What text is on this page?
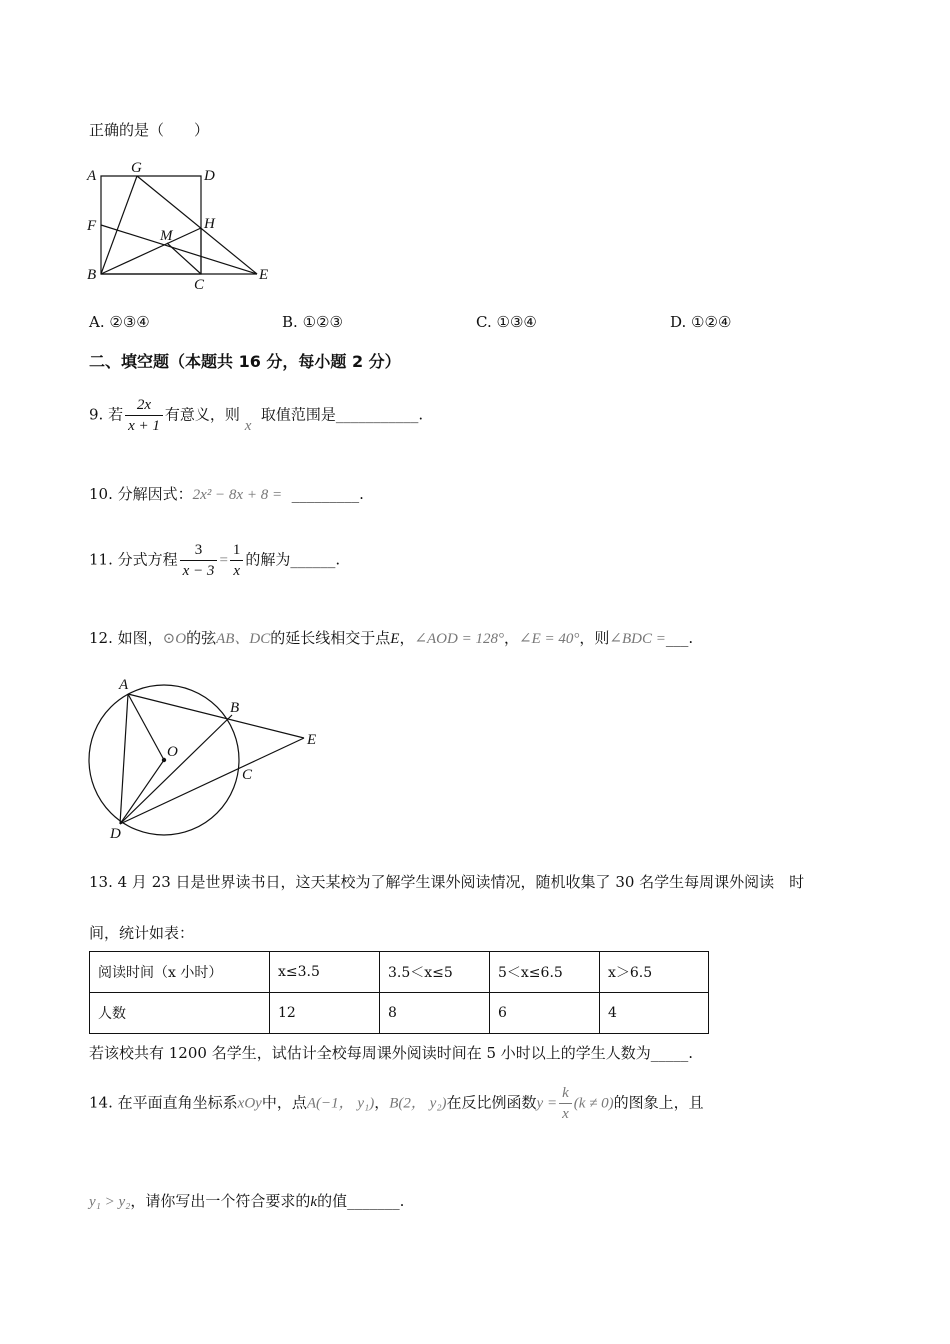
正确的是（　　）
A G	D
F	H
M
B
C
E
A. ②③④	B. ①②③	C. ①③④	D. ①②④
二、填空题（本题共 16 分，每小题 2 分）
9. 若 $\frac{2x}{x + 1}$ 有意义，则 x  取值范围是___________.
10. 分解因式：2x² − 8x + 8 = _________.
11. 分式方程 $\frac{3}{x - 3} = \frac{1}{x}$ 的解为______.
12. 如图，⊙O的弦AB、DC的延长线相交于点E，∠AOD = 128°，∠E = 40°，则∠BDC =___.
A
B
O
E
C
D
13. 4 月 23 日是世界读书日，这天某校为了解学生课外阅读情况，随机收集了 30 名学生每周课外阅读　时
间，统计如表：
阅读时间（x 小时）	x≤3.5	3.5＜x≤5	5＜x≤6.5	x＞6.5
人数	12	8	6	4
若该校共有 1200 名学生，试估计全校每周课外阅读时间在 5 小时以上的学生人数为_____.
14. 在平面直角坐标系xOy中，点A(−1， y₁)，B(2， y₂)在反比例函数$y = \frac{k}{x} (k \ne 0)$的图象上，且
y₁ > y₂，请你写出一个符合要求的k的值_______.
